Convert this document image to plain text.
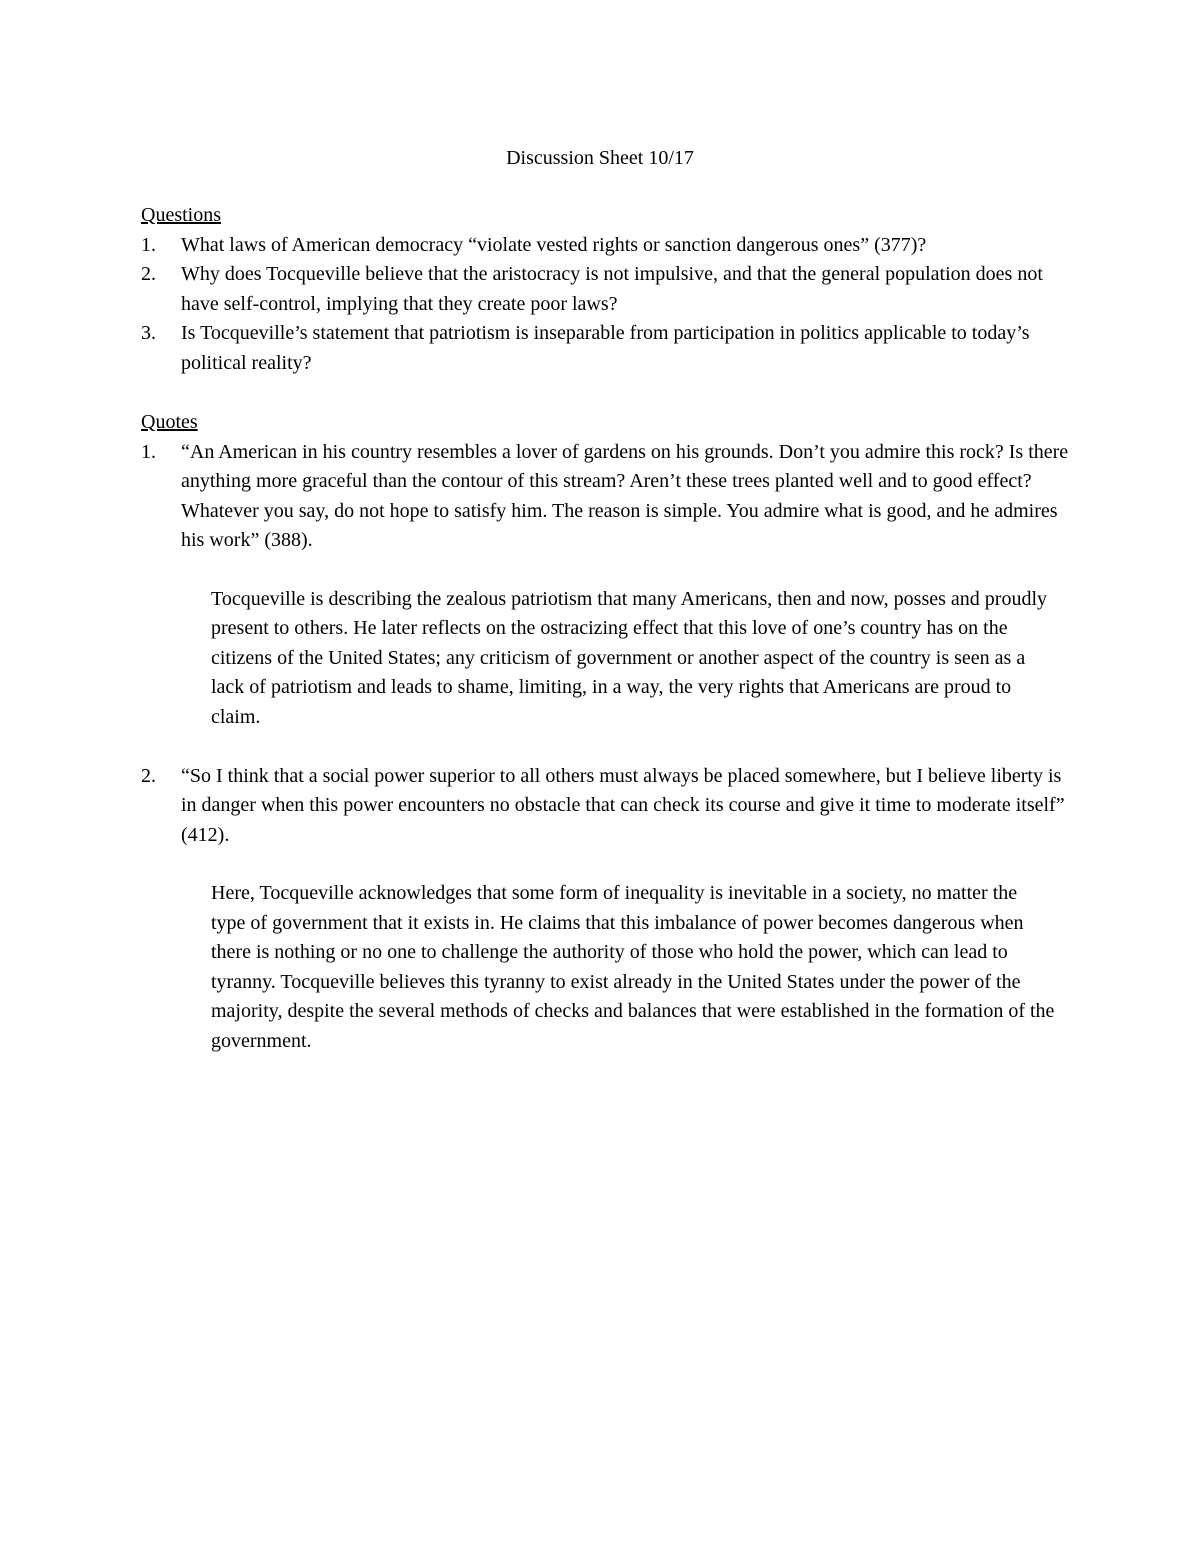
Discussion Sheet 10/17
Questions
1. What laws of American democracy “violate vested rights or sanction dangerous ones” (377)?
2. Why does Tocqueville believe that the aristocracy is not impulsive, and that the general population does not have self-control, implying that they create poor laws?
3. Is Tocqueville’s statement that patriotism is inseparable from participation in politics applicable to today’s political reality?
Quotes
1. “An American in his country resembles a lover of gardens on his grounds. Don’t you admire this rock? Is there anything more graceful than the contour of this stream? Aren’t these trees planted well and to good effect? Whatever you say, do not hope to satisfy him. The reason is simple. You admire what is good, and he admires his work” (388).
Tocqueville is describing the zealous patriotism that many Americans, then and now, posses and proudly present to others. He later reflects on the ostracizing effect that this love of one’s country has on the citizens of the United States; any criticism of government or another aspect of the country is seen as a lack of patriotism and leads to shame, limiting, in a way, the very rights that Americans are proud to claim.
2. “So I think that a social power superior to all others must always be placed somewhere, but I believe liberty is in danger when this power encounters no obstacle that can check its course and give it time to moderate itself” (412).
Here, Tocqueville acknowledges that some form of inequality is inevitable in a society, no matter the type of government that it exists in. He claims that this imbalance of power becomes dangerous when there is nothing or no one to challenge the authority of those who hold the power, which can lead to tyranny. Tocqueville believes this tyranny to exist already in the United States under the power of the majority, despite the several methods of checks and balances that were established in the formation of the government.
